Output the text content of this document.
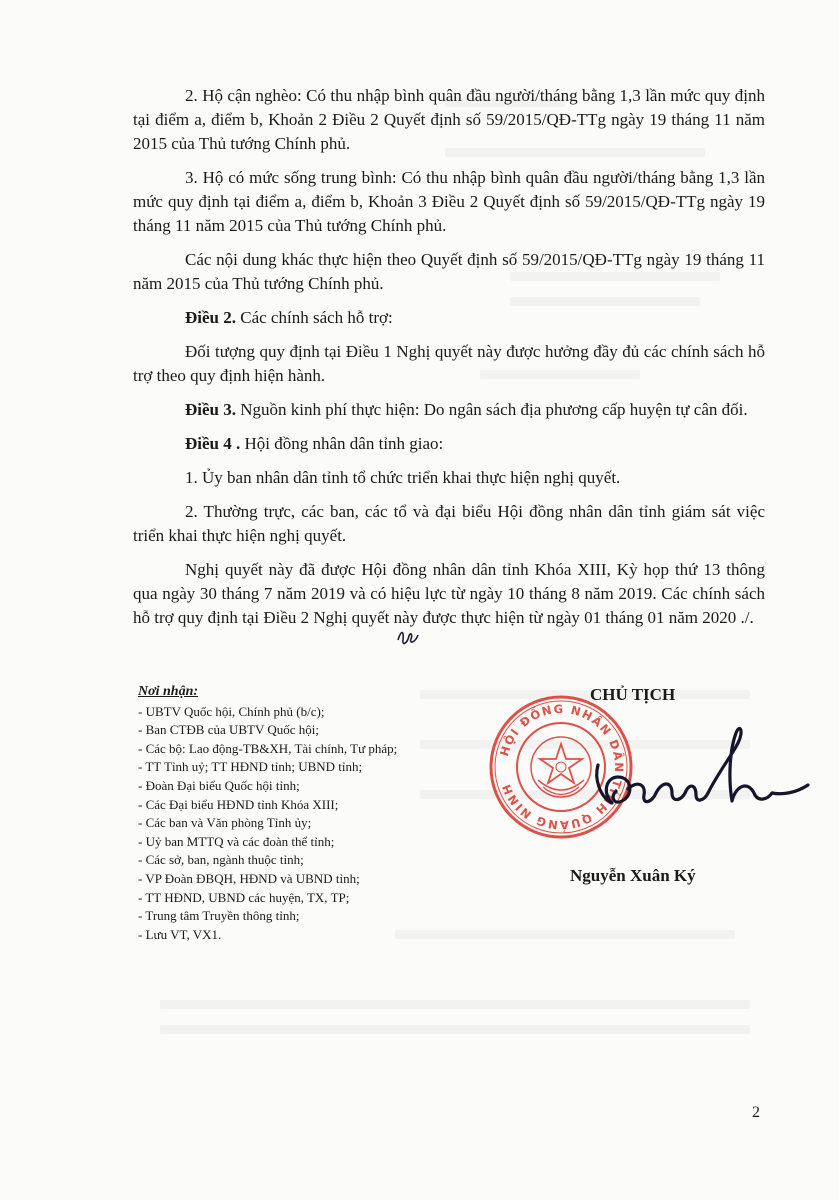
2. Hộ cận nghèo: Có thu nhập bình quân đầu người/tháng bằng 1,3 lần mức quy định tại điểm a, điểm b, Khoản 2 Điều 2 Quyết định số 59/2015/QĐ-TTg ngày 19 tháng 11 năm 2015 của Thủ tướng Chính phủ.

3. Hộ có mức sống trung bình: Có thu nhập bình quân đầu người/tháng bằng 1,3 lần mức quy định tại điểm a, điểm b, Khoản 3 Điều 2 Quyết định số 59/2015/QĐ-TTg ngày 19 tháng 11 năm 2015 của Thủ tướng Chính phủ.

Các nội dung khác thực hiện theo Quyết định số 59/2015/QĐ-TTg ngày 19 tháng 11 năm 2015 của Thủ tướng Chính phủ.

Điều 2. Các chính sách hỗ trợ:

Đối tượng quy định tại Điều 1 Nghị quyết này được hưởng đầy đủ các chính sách hỗ trợ theo quy định hiện hành.

Điều 3. Nguồn kinh phí thực hiện: Do ngân sách địa phương cấp huyện tự cân đối.

Điều 4 . Hội đồng nhân dân tỉnh giao:

1. Ủy ban nhân dân tỉnh tổ chức triển khai thực hiện nghị quyết.

2. Thường trực, các ban, các tổ và đại biểu Hội đồng nhân dân tỉnh giám sát việc triển khai thực hiện nghị quyết.

Nghị quyết này đã được Hội đồng nhân dân tỉnh Khóa XIII, Kỳ họp thứ 13 thông qua ngày 30 tháng 7 năm 2019 và có hiệu lực từ ngày 10 tháng 8 năm 2019. Các chính sách hỗ trợ quy định tại Điều 2 Nghị quyết này được thực hiện từ ngày 01 tháng 01 năm 2020 ./.

Nơi nhận:
- UBTV Quốc hội, Chính phủ (b/c);
- Ban CTĐB của UBTV Quốc hội;
- Các bộ: Lao động-TB&XH, Tài chính, Tư pháp;
- TT Tỉnh uỷ; TT HĐND tỉnh; UBND tỉnh;
- Đoàn Đại biểu Quốc hội tỉnh;
- Các Đại biểu HĐND tỉnh Khóa XIII;
- Các ban và Văn phòng Tỉnh ủy;
- Uỷ ban MTTQ và các đoàn thể tỉnh;
- Các sở, ban, ngành thuộc tỉnh;
- VP Đoàn ĐBQH, HĐND và UBND tỉnh;
- TT HĐND, UBND các huyện, TX, TP;
- Trung tâm Truyền thông tỉnh;
- Lưu VT, VX1.
CHỦ TỊCH
HỘI ĐỒNG NHÂN DÂN TỈNH QUẢNG NINH
Nguyễn Xuân Ký
2
